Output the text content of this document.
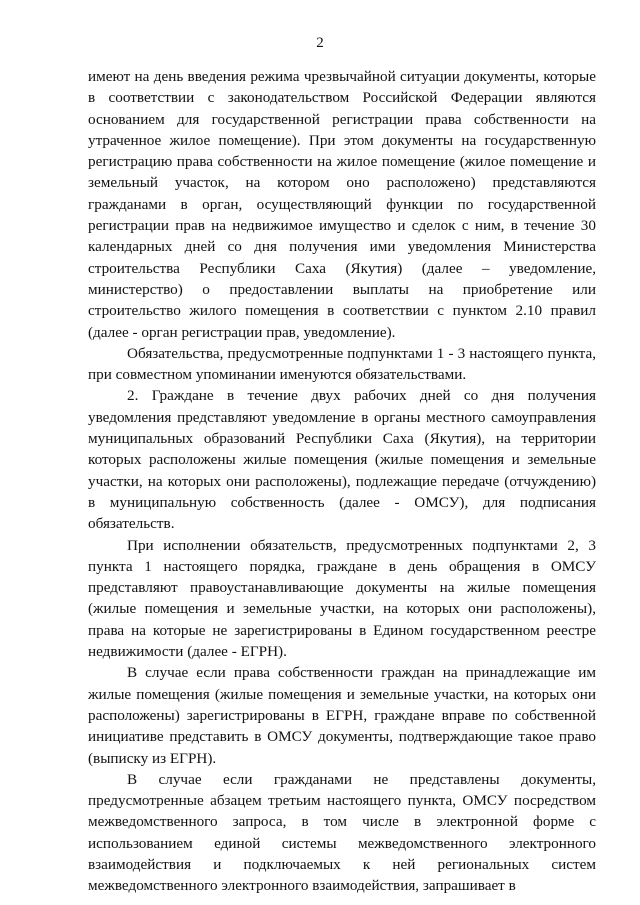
2

имеют на день введения режима чрезвычайной ситуации документы, которые в соответствии с законодательством Российской Федерации являются основанием для государственной регистрации права собственности на утраченное жилое помещение). При этом документы на государственную регистрацию права собственности на жилое помещение (жилое помещение и земельный участок, на котором оно расположено) представляются гражданами в орган, осуществляющий функции по государственной регистрации прав на недвижимое имущество и сделок с ним, в течение 30 календарных дней со дня получения ими уведомления Министерства строительства Республики Саха (Якутия) (далее – уведомление, министерство) о предоставлении выплаты на приобретение или строительство жилого помещения в соответствии с пунктом 2.10 правил (далее - орган регистрации прав, уведомление).

Обязательства, предусмотренные подпунктами 1 - 3 настоящего пункта, при совместном упоминании именуются обязательствами.

2. Граждане в течение двух рабочих дней со дня получения уведомления представляют уведомление в органы местного самоуправления муниципальных образований Республики Саха (Якутия), на территории которых расположены жилые помещения (жилые помещения и земельные участки, на которых они расположены), подлежащие передаче (отчуждению) в муниципальную собственность (далее - ОМСУ), для подписания обязательств.

При исполнении обязательств, предусмотренных подпунктами 2, 3 пункта 1 настоящего порядка, граждане в день обращения в ОМСУ представляют правоустанавливающие документы на жилые помещения (жилые помещения и земельные участки, на которых они расположены), права на которые не зарегистрированы в Едином государственном реестре недвижимости (далее - ЕГРН).

В случае если права собственности граждан на принадлежащие им жилые помещения (жилые помещения и земельные участки, на которых они расположены) зарегистрированы в ЕГРН, граждане вправе по собственной инициативе представить в ОМСУ документы, подтверждающие такое право (выписку из ЕГРН).

В случае если гражданами не представлены документы, предусмотренные абзацем третьим настоящего пункта, ОМСУ посредством межведомственного запроса, в том числе в электронной форме с использованием единой системы межведомственного электронного взаимодействия и подключаемых к ней региональных систем межведомственного электронного взаимодействия, запрашивает в
